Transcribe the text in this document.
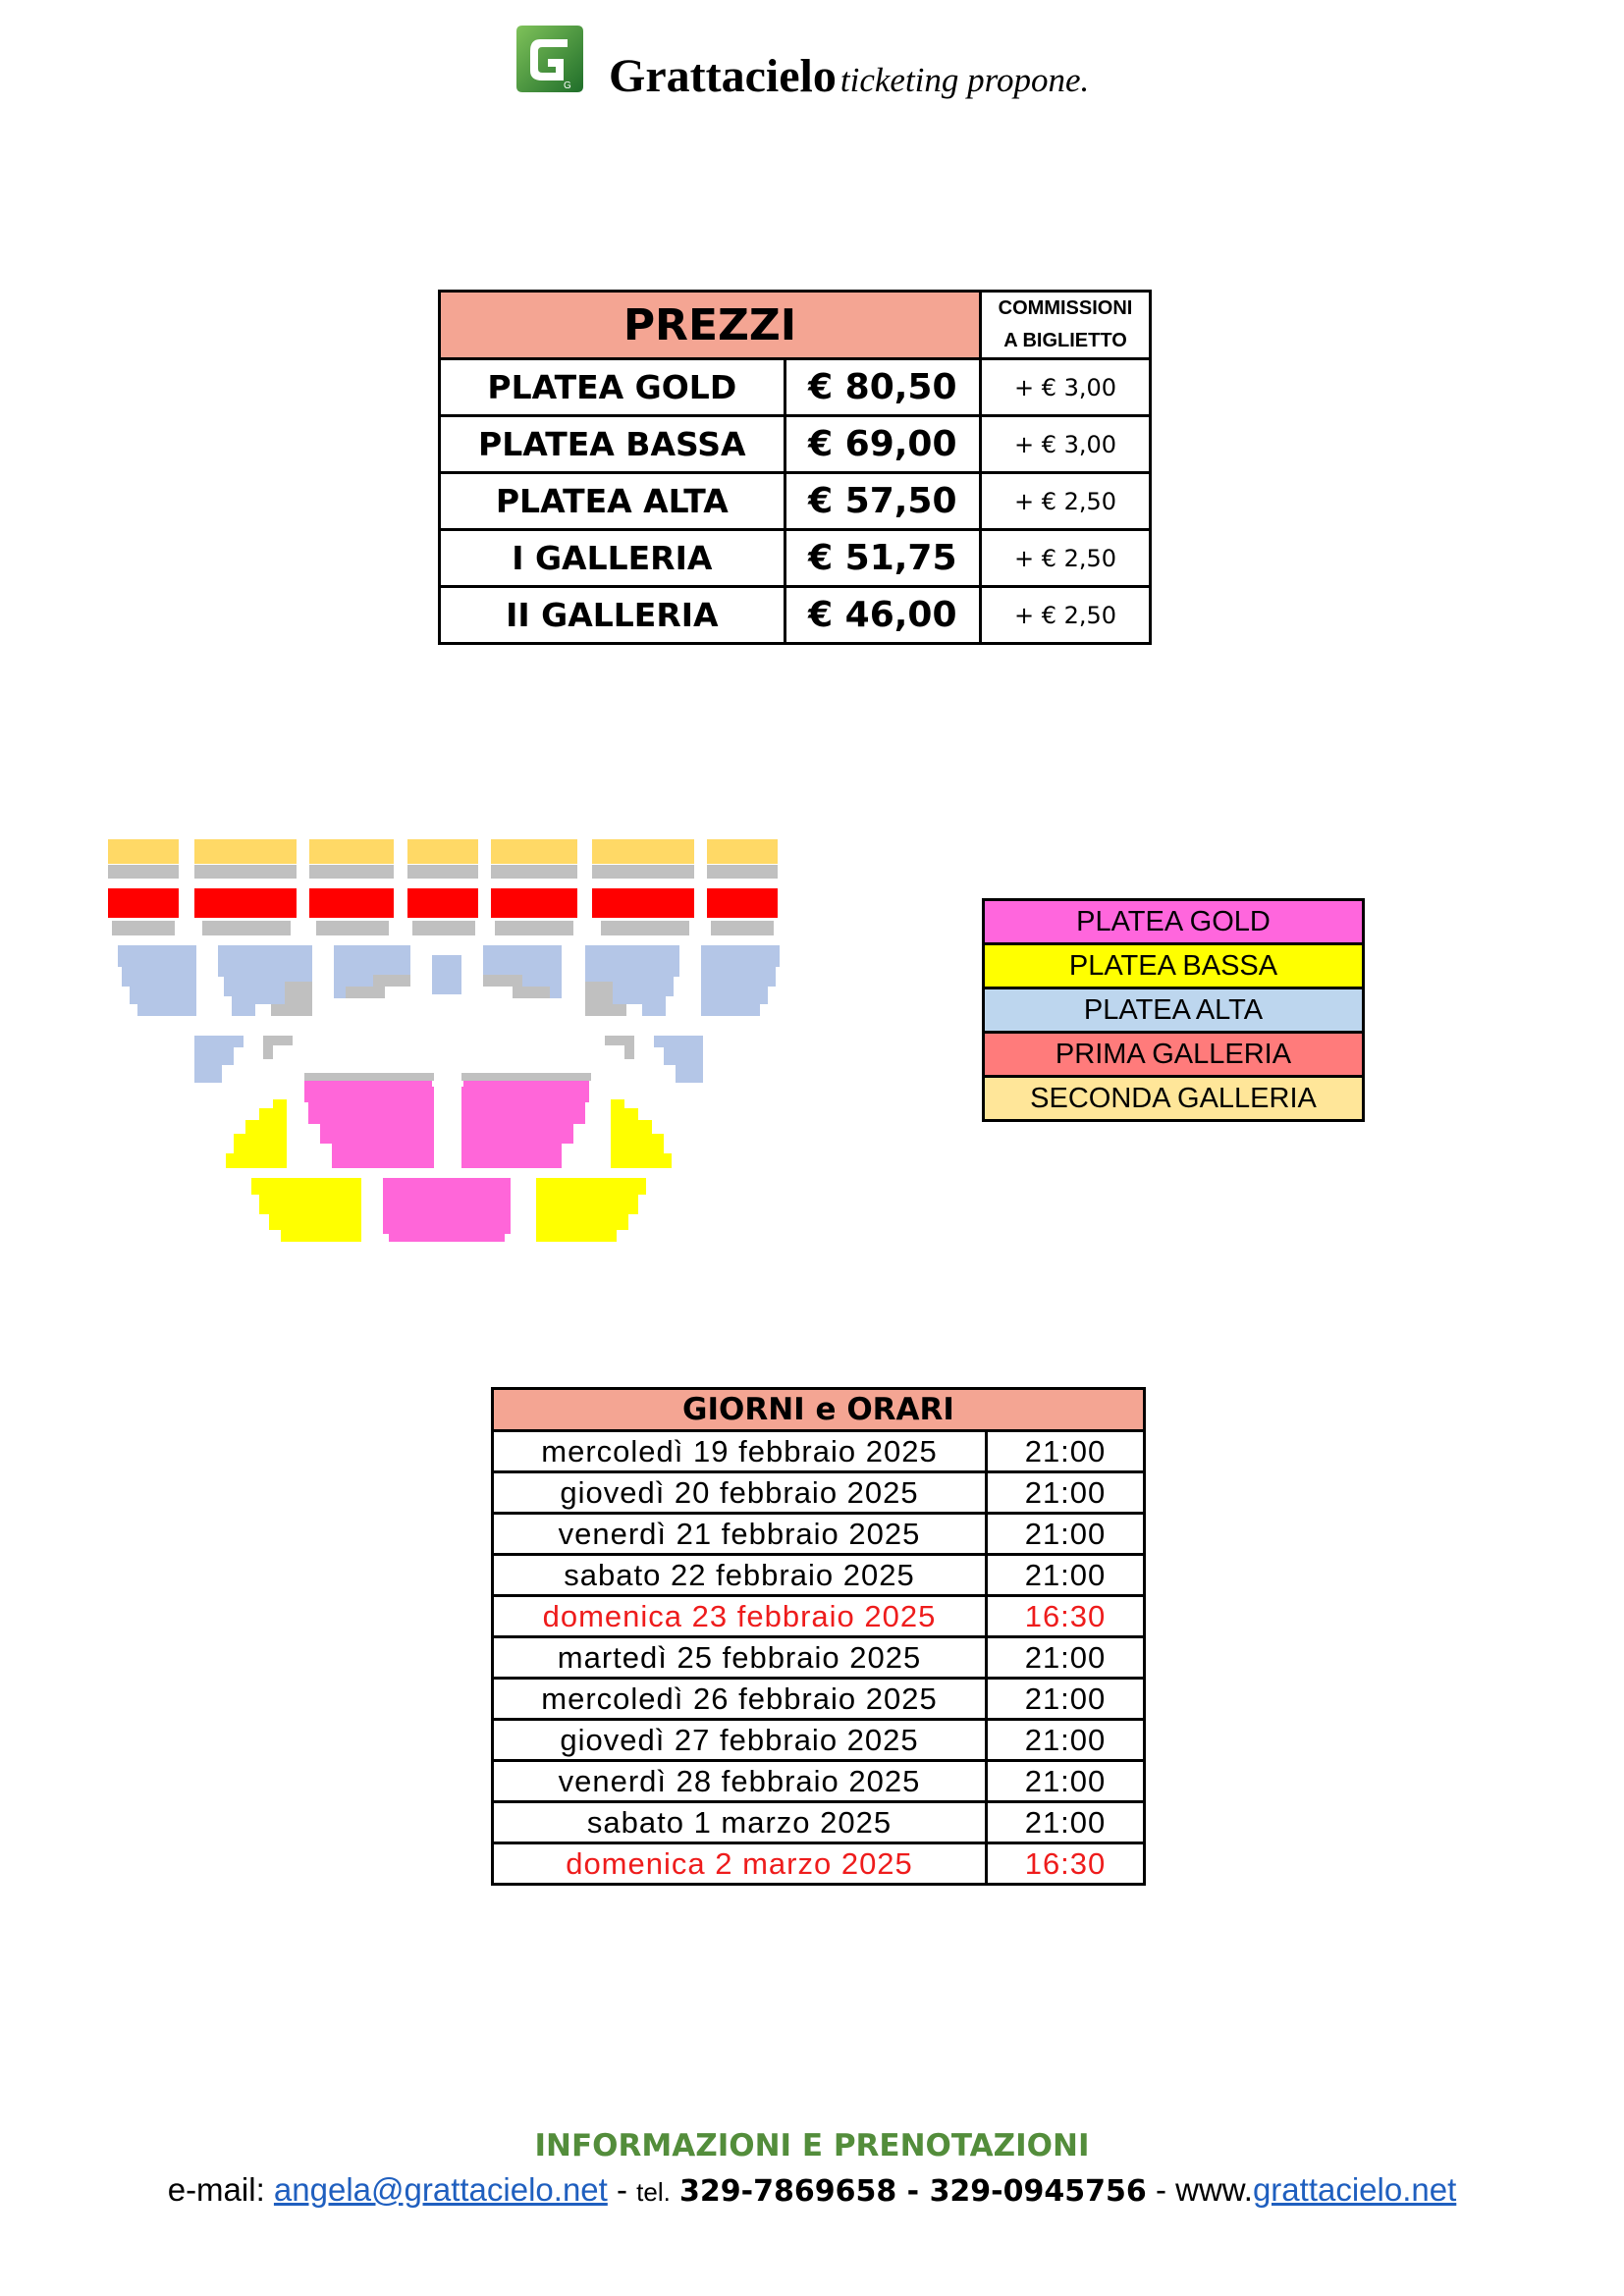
G Grattacielo ticketing propone.
PREZZI		COMMISSIONI
A BIGLIETTO

PLATEA GOLD	€ 80,50	+ € 3,00
PLATEA BASSA	€ 69,00	+ € 3,00
PLATEA ALTA	€ 57,50	+ € 2,50
I GALLERIA	€ 51,75	+ € 2,50
II GALLERIA	€ 46,00	+ € 2,50
PLATEA GOLD
PLATEA BASSA
PLATEA ALTA
PRIMA GALLERIA
SECONDA GALLERIA
GIORNI e ORARI	
mercoledì 19 febbraio 2025	21:00
giovedì 20 febbraio 2025	21:00
venerdì 21 febbraio 2025	21:00
sabato 22 febbraio 2025	21:00
domenica 23 febbraio 2025	16:30
martedì 25 febbraio 2025	21:00
mercoledì 26 febbraio 2025	21:00
giovedì 27 febbraio 2025	21:00
venerdì 28 febbraio 2025	21:00
sabato 1 marzo 2025	21:00
domenica 2 marzo 2025	16:30
INFORMAZIONI E PRENOTAZIONI
e-mail: angela@grattacielo.net - tel. 329-7869658 - 329-0945756 - www.grattacielo.net
